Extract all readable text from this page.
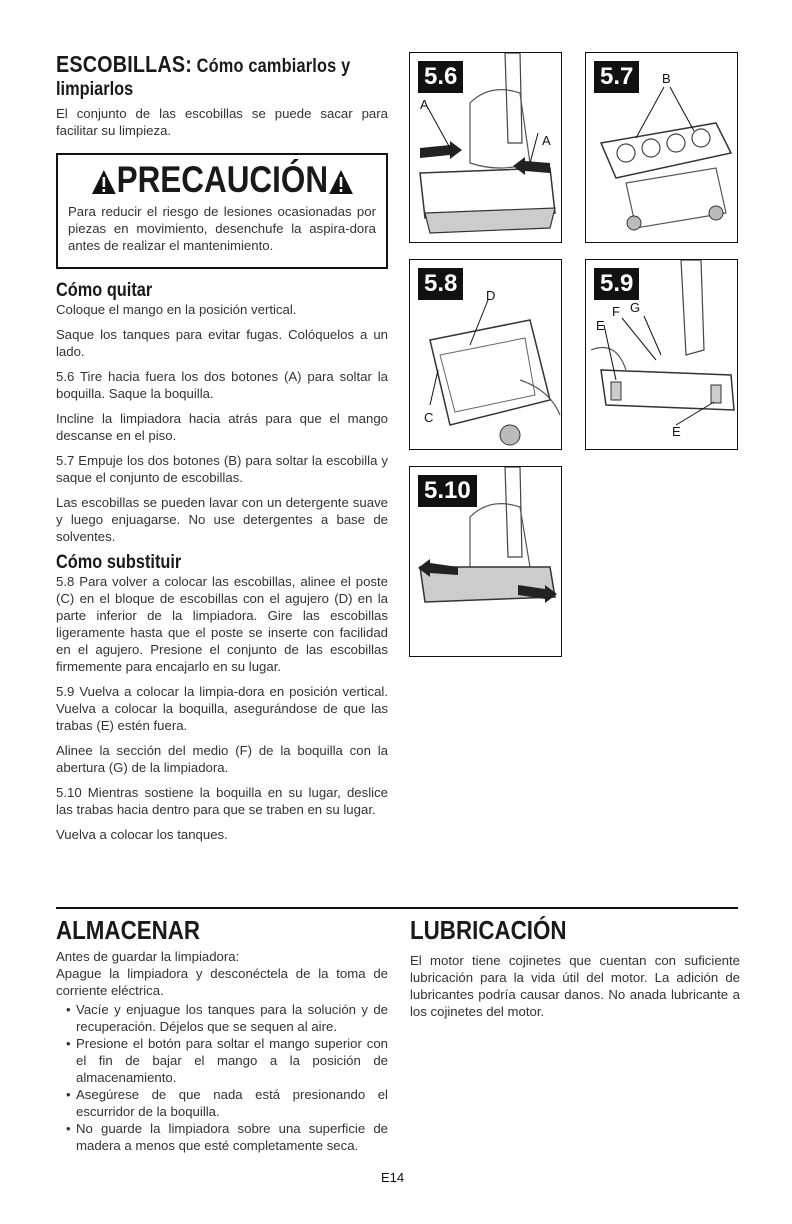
ESCOBILLAS: Cómo cambiarlos y
limpiarlos

El conjunto de las escobillas se puede sacar para facilitar su limpieza.

PRECAUCIÓN

Para reducir el riesgo de lesiones ocasionadas por piezas en movimiento, desenchufe la aspira-dora antes de realizar el mantenimiento.

Cómo quitar

Coloque el mango en la posición vertical.

Saque los tanques para evitar fugas. Colóquelos a un lado.

5.6 Tire hacia fuera los dos botones (A) para soltar la boquilla. Saque la boquilla.

Incline la limpiadora hacia atrás para que el mango descanse en el piso.

5.7 Empuje los dos botones (B) para soltar la escobilla y saque el conjunto de escobillas.

Las escobillas se pueden lavar con un detergente suave y luego enjuagarse. No use detergentes a base de solventes.

Cómo substituir

5.8 Para volver a colocar las escobillas, alinee el poste (C) en el bloque de escobillas con el agujero (D) en la parte inferior de la limpiadora. Gire las escobillas ligeramente hasta que el poste se inserte con facilidad en el agujero. Presione el conjunto de las escobillas firmemente para encajarlo en su lugar.

5.9 Vuelva a colocar la limpia-dora en posición vertical. Vuelva a colocar la boquilla, asegurándose de que las trabas (E) estén fuera.

Alinee la sección del medio (F) de la boquilla con la abertura (G) de la limpiadora.

5.10 Mientras sostiene la boquilla en su lugar, deslice las trabas hacia dentro para que se traben en su lugar.

Vuelva a colocar los tanques.

5.6
A
A
5.7	B
5.8	D
C
5.9
F G
E
E
5.10
ALMACENAR

Antes de guardar la limpiadora:

Apague la limpiadora y desconéctela de la toma de corriente eléctrica.

• Vacíe y enjuague los tanques para la solución y de recuperación. Déjelos que se sequen al aire.
• Presione el botón para soltar el mango superior con el fin de bajar el mango a la posición de almacenamiento.
• Asegúrese de que nada está presionando el escurridor de la boquilla.
• No guarde la limpiadora sobre una superficie de madera a menos que esté completamente seca.
LUBRICACIÓN

El motor tiene cojinetes que cuentan con suficiente lubricación para la vida útil del motor. La adición de lubricantes podría causar danos. No anada lubricante a los cojinetes del motor.

E14
